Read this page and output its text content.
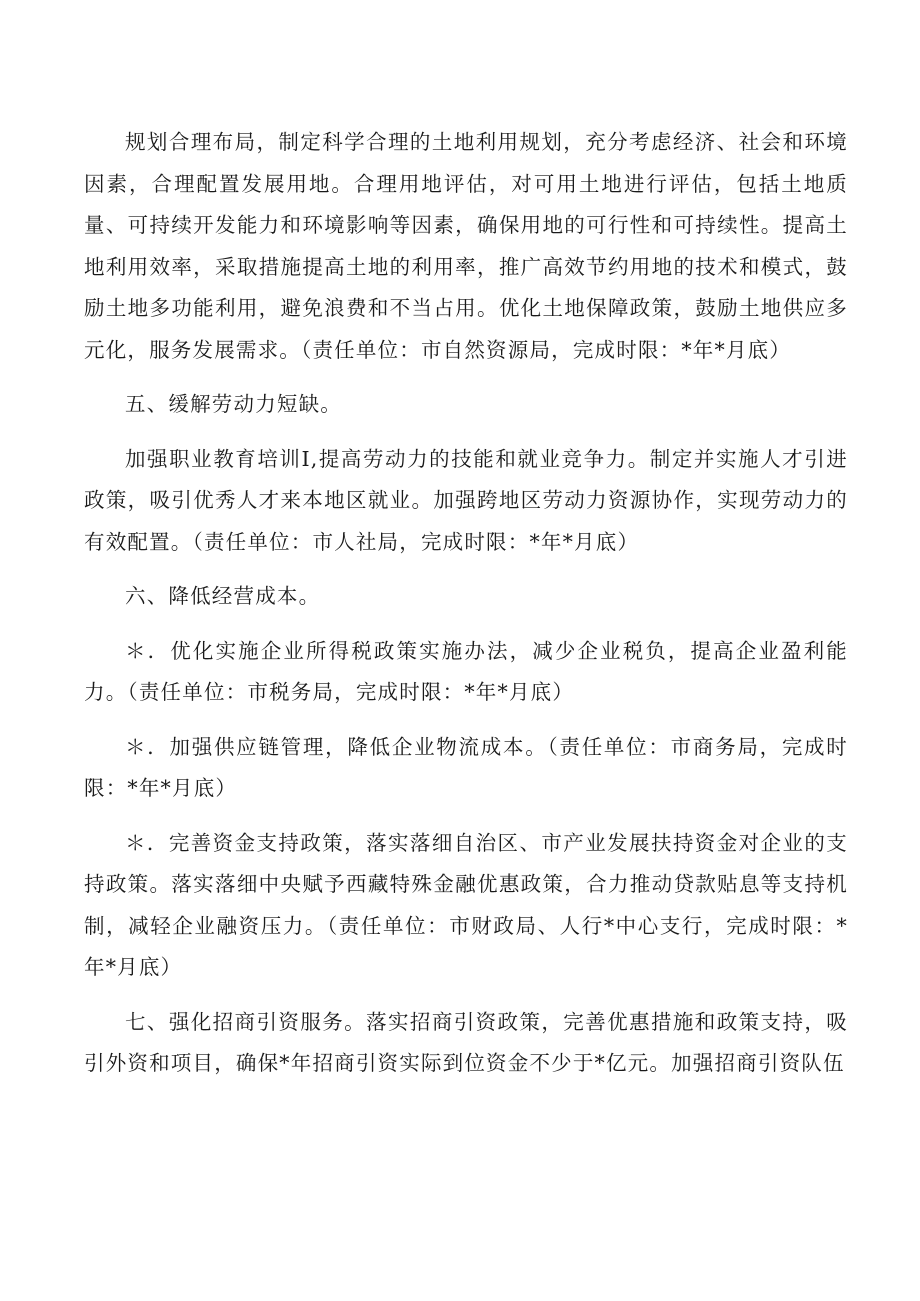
规划合理布局，制定科学合理的土地利用规划，充分考虑经济、社会和环境因素，合理配置发展用地。合理用地评估，对可用土地进行评估，包括土地质量、可持续开发能力和环境影响等因素，确保用地的可行性和可持续性。提高土地利用效率，采取措施提高土地的利用率，推广高效节约用地的技术和模式，鼓励土地多功能利用，避免浪费和不当占用。优化土地保障政策，鼓励土地供应多元化，服务发展需求。（责任单位：市自然资源局，完成时限：*年*月底）

五、缓解劳动力短缺。

加强职业教育培训I,提高劳动力的技能和就业竞争力。制定并实施人才引进政策，吸引优秀人才来本地区就业。加强跨地区劳动力资源协作，实现劳动力的有效配置。（责任单位：市人社局，完成时限：*年*月底）

六、降低经营成本。

＊．优化实施企业所得税政策实施办法，减少企业税负，提高企业盈利能力。（责任单位：市税务局，完成时限：*年*月底）

＊．加强供应链管理，降低企业物流成本。（责任单位：市商务局，完成时限：*年*月底）

＊．完善资金支持政策，落实落细自治区、市产业发展扶持资金对企业的支持政策。落实落细中央赋予西藏特殊金融优惠政策，合力推动贷款贴息等支持机制，减轻企业融资压力。（责任单位：市财政局、人行*中心支行，完成时限：*年*月底）

七、强化招商引资服务。落实招商引资政策，完善优惠措施和政策支持，吸引外资和项目，确保*年招商引资实际到位资金不少于*亿元。加强招商引资队伍
